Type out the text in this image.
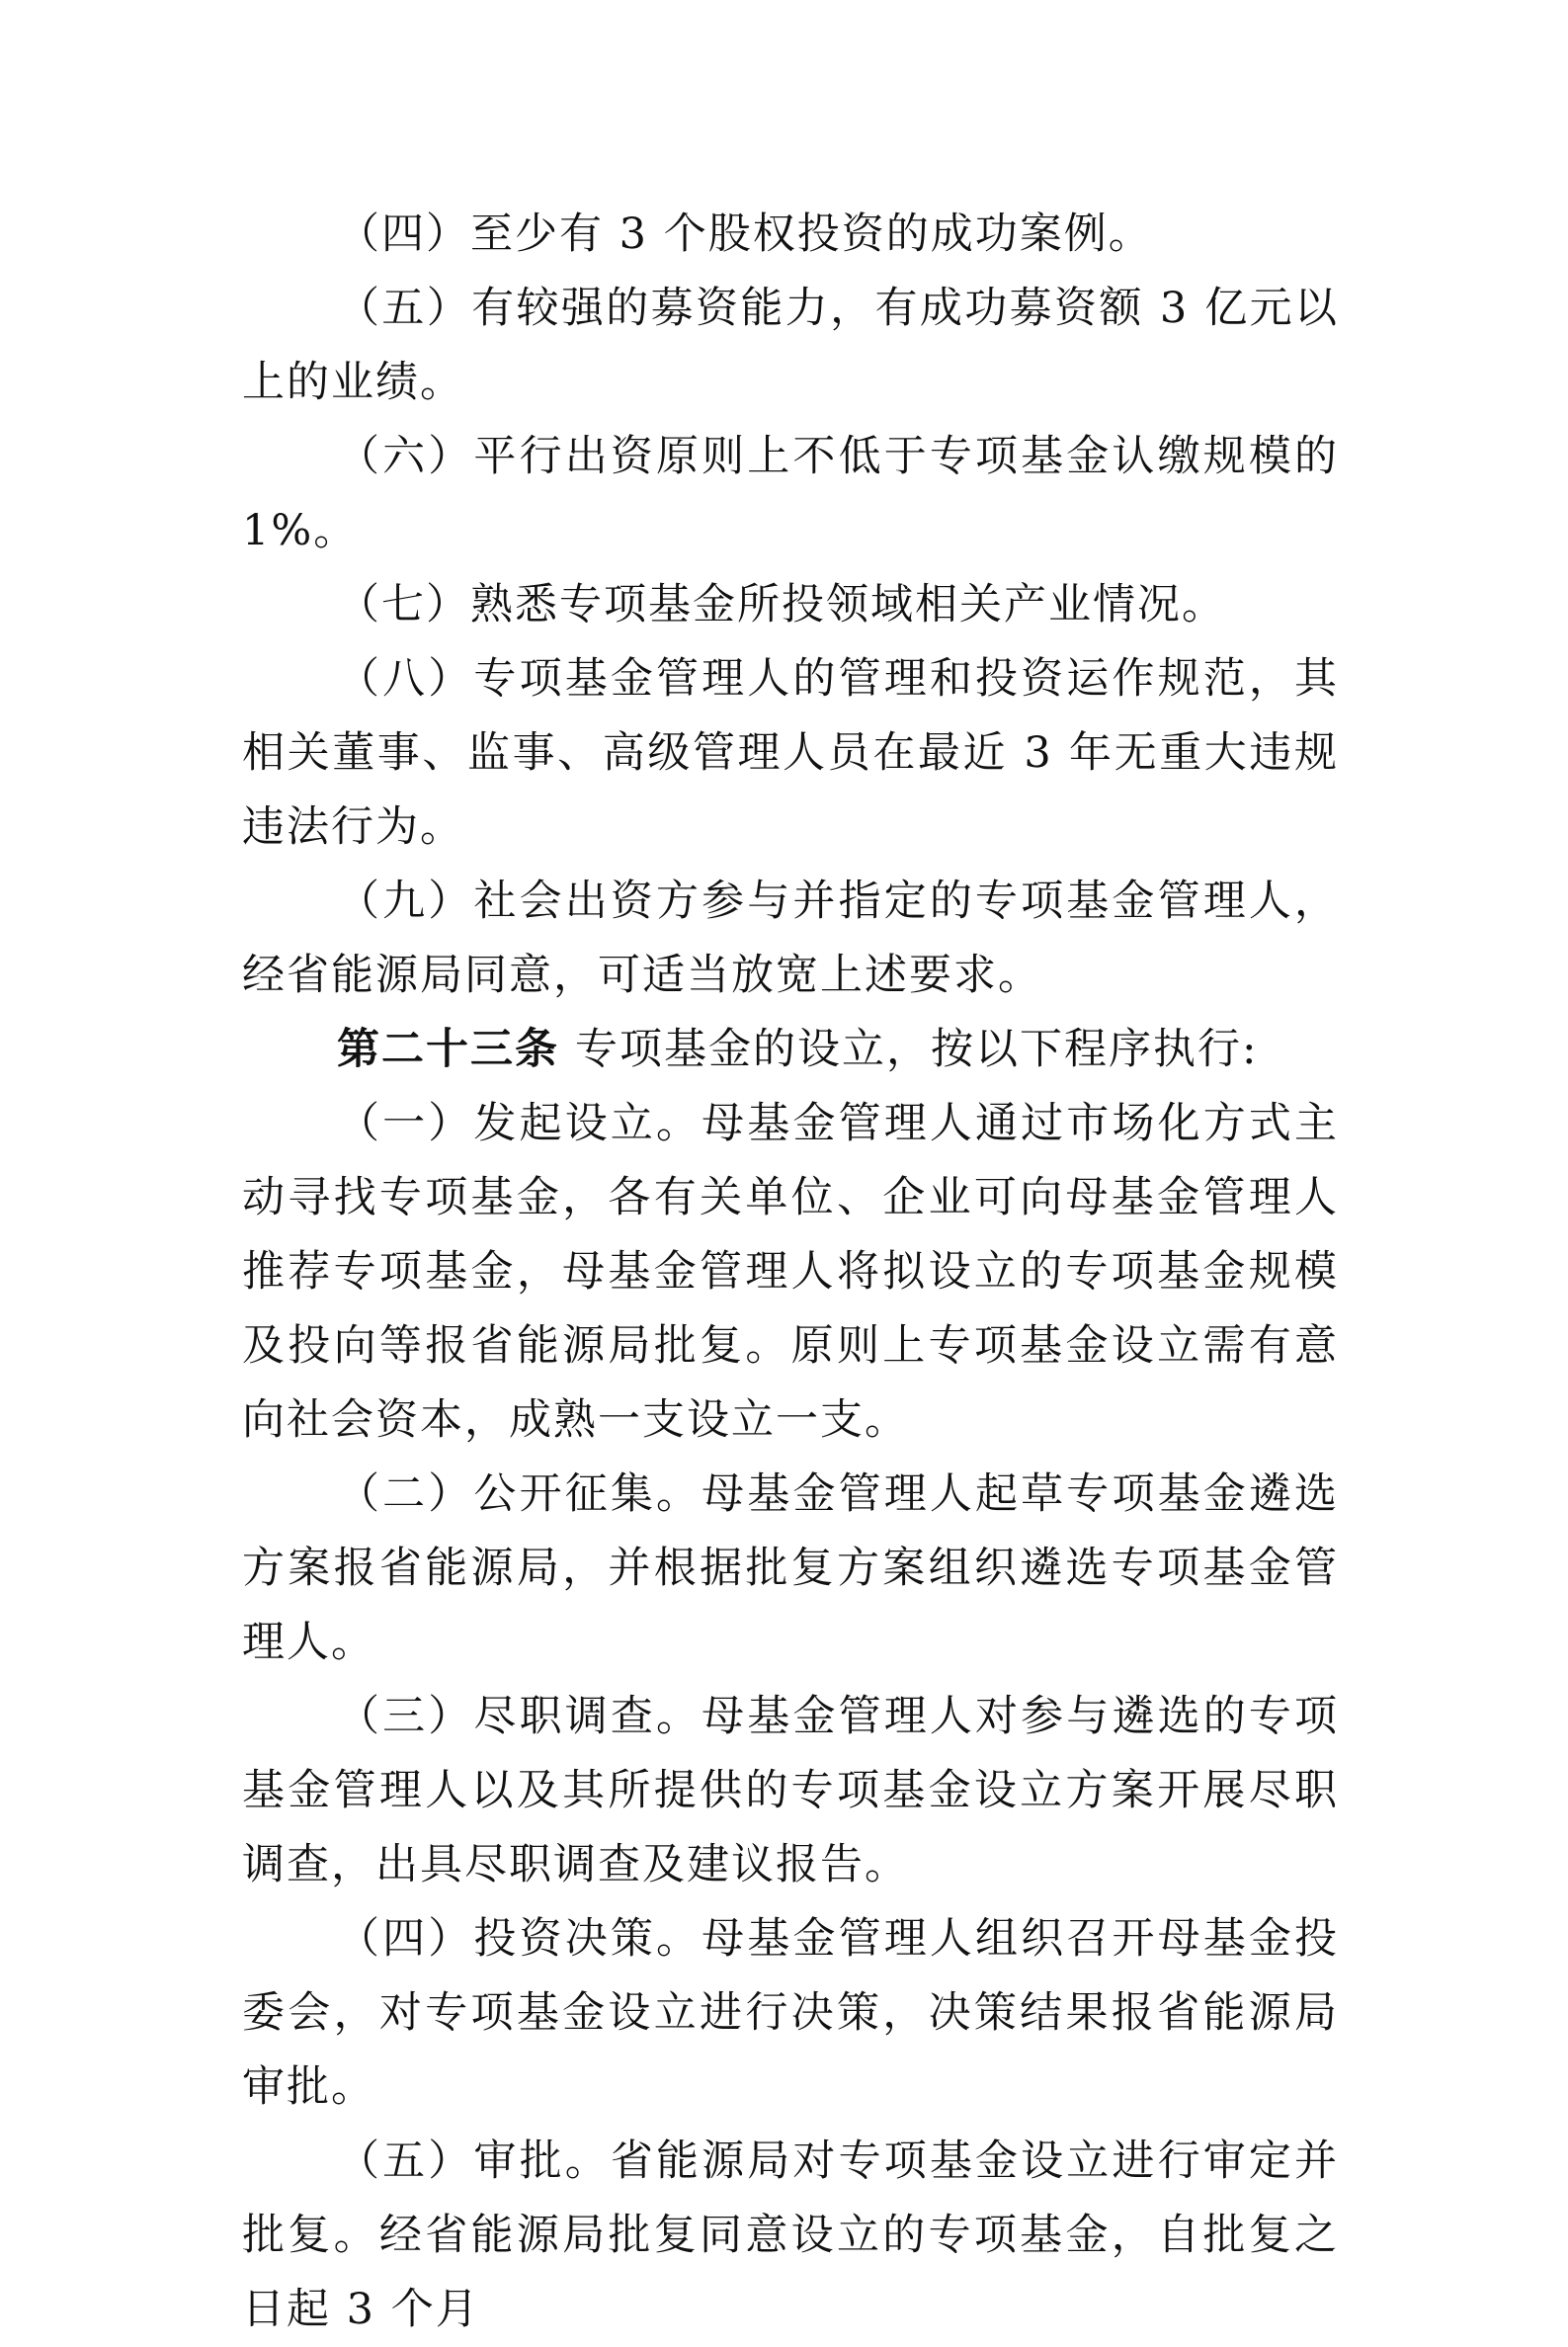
（四）至少有 3 个股权投资的成功案例。

（五）有较强的募资能力，有成功募资额 3 亿元以上的业绩。

（六）平行出资原则上不低于专项基金认缴规模的 1%。

（七）熟悉专项基金所投领域相关产业情况。

（八）专项基金管理人的管理和投资运作规范，其相关董事、监事、高级管理人员在最近 3 年无重大违规违法行为。

（九）社会出资方参与并指定的专项基金管理人，经省能源局同意，可适当放宽上述要求。

第二十三条 专项基金的设立，按以下程序执行:

（一）发起设立。母基金管理人通过市场化方式主动寻找专项基金，各有关单位、企业可向母基金管理人推荐专项基金，母基金管理人将拟设立的专项基金规模及投向等报省能源局批复。原则上专项基金设立需有意向社会资本，成熟一支设立一支。

（二）公开征集。母基金管理人起草专项基金遴选方案报省能源局，并根据批复方案组织遴选专项基金管理人。

（三）尽职调查。母基金管理人对参与遴选的专项基金管理人以及其所提供的专项基金设立方案开展尽职调查，出具尽职调查及建议报告。

（四）投资决策。母基金管理人组织召开母基金投委会，对专项基金设立进行决策，决策结果报省能源局审批。

（五）审批。省能源局对专项基金设立进行审定并批复。经省能源局批复同意设立的专项基金，自批复之日起 3 个月
